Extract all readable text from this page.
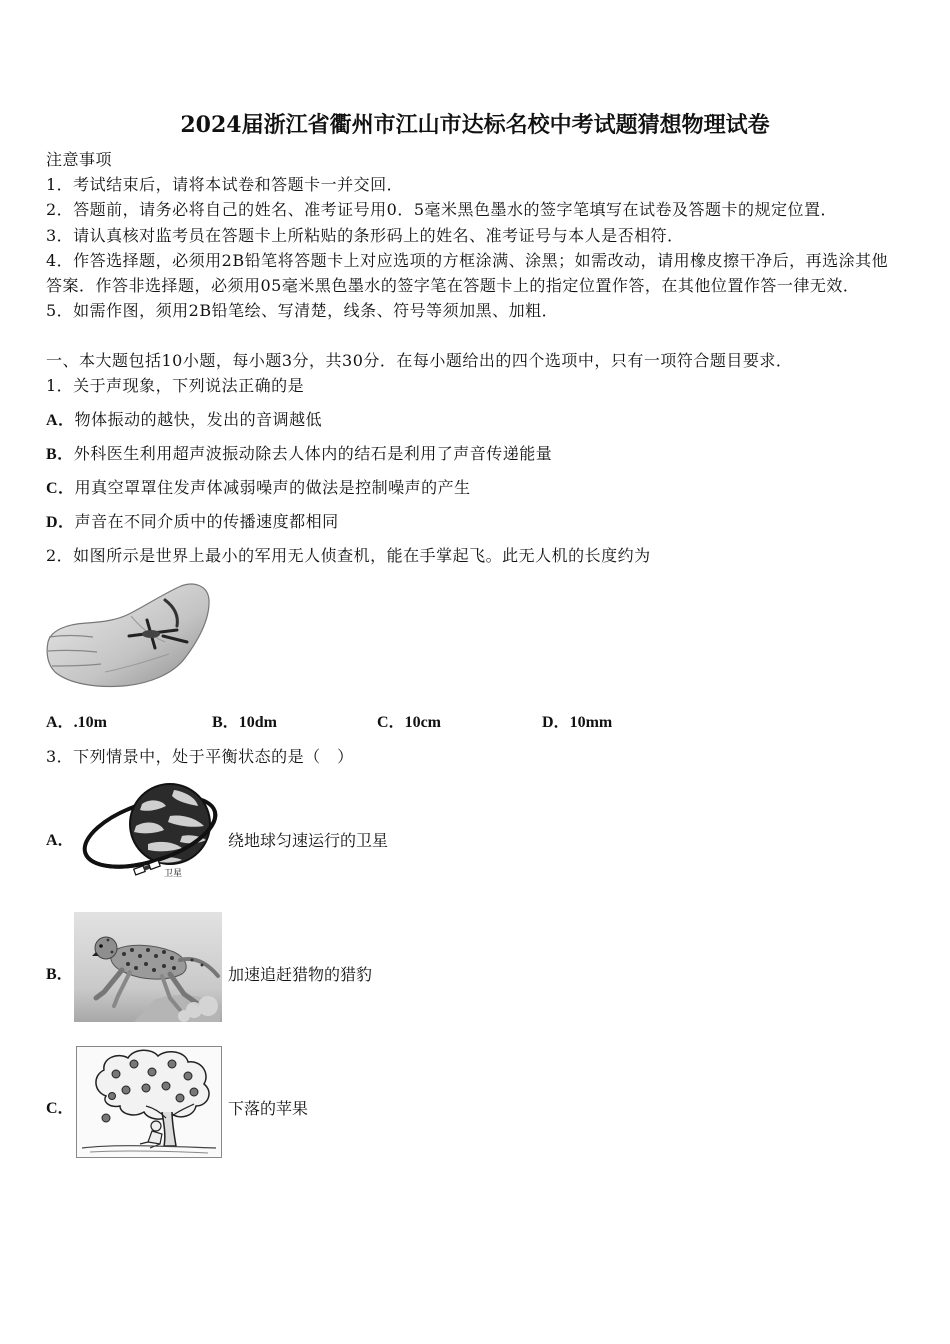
2024届浙江省衢州市江山市达标名校中考试题猜想物理试卷
注意事项
1．考试结束后，请将本试卷和答题卡一并交回．
2．答题前，请务必将自己的姓名、准考证号用0．5毫米黑色墨水的签字笔填写在试卷及答题卡的规定位置．
3．请认真核对监考员在答题卡上所粘贴的条形码上的姓名、准考证号与本人是否相符．
4．作答选择题，必须用2B铅笔将答题卡上对应选项的方框涂满、涂黑；如需改动，请用橡皮擦干净后，再选涂其他
答案．作答非选择题，必须用05毫米黑色墨水的签字笔在答题卡上的指定位置作答，在其他位置作答一律无效．
5．如需作图，须用2B铅笔绘、写清楚，线条、符号等须加黑、加粗．
一、本大题包括10小题，每小题3分，共30分．在每小题给出的四个选项中，只有一项符合题目要求．
1．关于声现象，下列说法正确的是
A．物体振动的越快，发出的音调越低
B．外科医生利用超声波振动除去人体内的结石是利用了声音传递能量
C．用真空罩罩住发声体减弱噪声的做法是控制噪声的产生
D．声音在不同介质中的传播速度都相同
2．如图所示是世界上最小的军用无人侦查机，能在手掌起飞。此无人机的长度约为
A．.10m	B．10dm	C．10cm	D．10mm
3．下列情景中，处于平衡状态的是（　）
卫星
A．	绕地球匀速运行的卫星
B．	加速追赶猎物的猎豹
C．	下落的苹果
